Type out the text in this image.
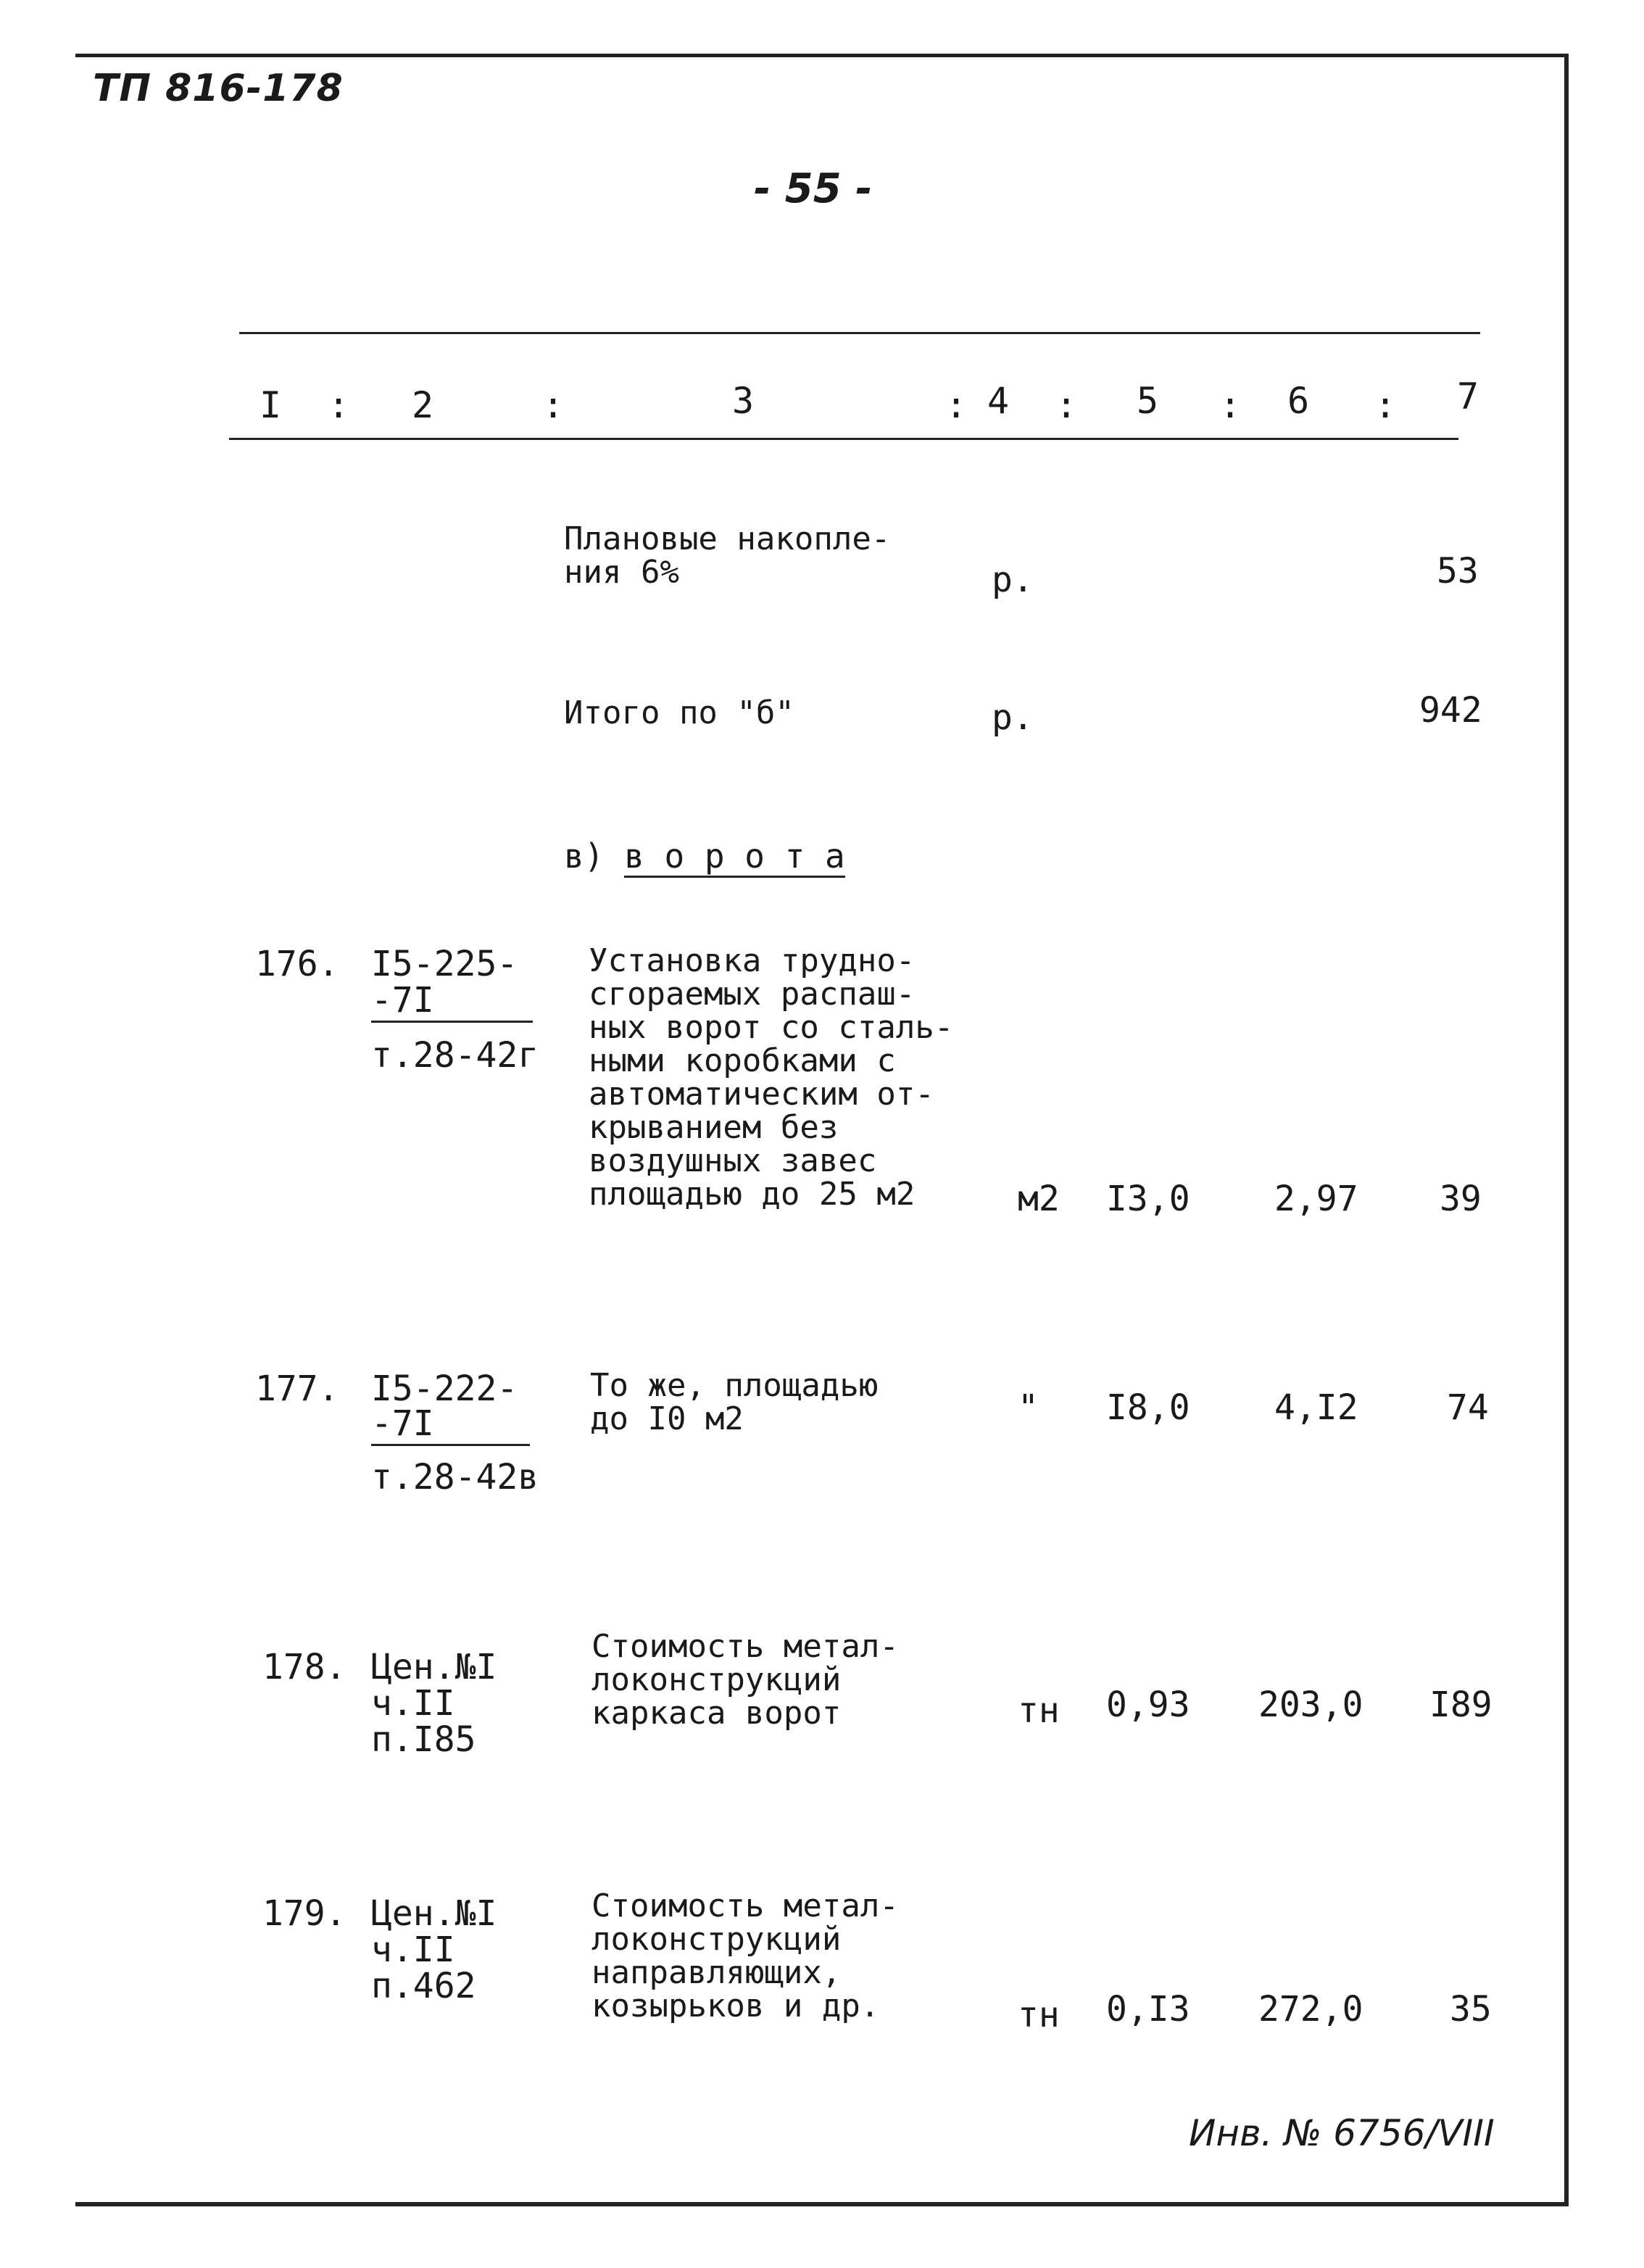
ТП 816-178
- 55 -
I : 2	:	3	: 4 : 5 : 6 : 7
Плановые накопле-
ния 6%	р.	53
Итого по "б"	р.	942
в) в о р о т а
176. I5-225-
-7I
т.28-42г
Установка трудно-
сгораемых распаш-
ных ворот со сталь-
ными коробками с
автоматическим от-
крыванием без
воздушных завес
площадью до 25 м2	м2 I3,0 2,97 39
177. I5-222-
-7I
т.28-42в
То же, площадью
до I0 м2	" I8,0 4,I2	74
178. Цен.№I
ч.II
п.I85
Стоимость метал-
локонструкций
каркаса ворот	тн 0,93 203,0 I89
179. Цен.№I
ч.II
п.462
Стоимость метал-
локонструкций
направляющих,
козырьков и др.	тн 0,I3 272,0 35
Инв. № 6756/VIII
